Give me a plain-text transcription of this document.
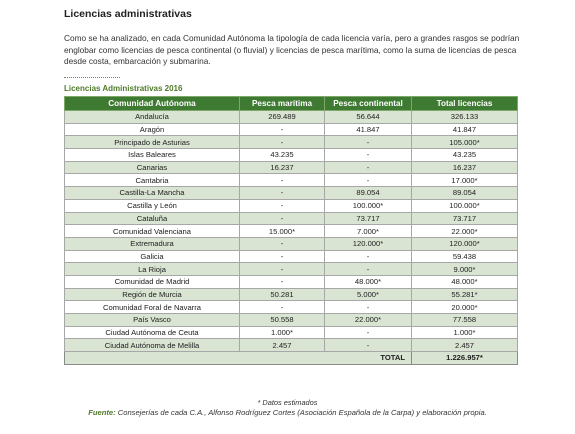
Licencias administrativas
Como se ha analizado, en cada Comunidad Autónoma la tipología de cada licencia varía, pero a grandes rasgos se podrían englobar como licencias de pesca continental (o fluvial) y licencias de pesca marítima, como la suma de licencias de pesca desde costa, embarcación y submarina.
Licencias Administrativas 2016
Comunidad Autónoma	Pesca marítima	Pesca continental	Total licencias
Andalucía	269.489	56.644	326.133
Aragón	-	41.847	41.847
Principado de Asturias	-	-	105.000*
Islas Baleares	43.235	-	43.235
Canarias	16.237	-	16.237
Cantabria	-	-	17.000*
Castilla-La Mancha	-	89.054	89.054
Castilla y León	-	100.000*	100.000*
Cataluña	-	73.717	73.717
Comunidad Valenciana	15.000*	7.000*	22.000*
Extremadura	-	120.000*	120.000*
Galicia	-	-	59.438
La Rioja	-	-	9.000*
Comunidad de Madrid	-	48.000*	48.000*
Región de Murcia	50.281	5.000*	55.281*
Comunidad Foral de Navarra	-	-	20.000*
País Vasco	50.558	22.000*	77.558
Ciudad Autónoma de Ceuta	1.000*	-	1.000*
Ciudad Autónoma de Melilla	2.457	-	2.457
TOTAL			1.226.957*
* Datos estimados
Fuente: Consejerías de cada C.A., Alfonso Rodríguez Cortes (Asociación Española de la Carpa) y elaboración propia.
